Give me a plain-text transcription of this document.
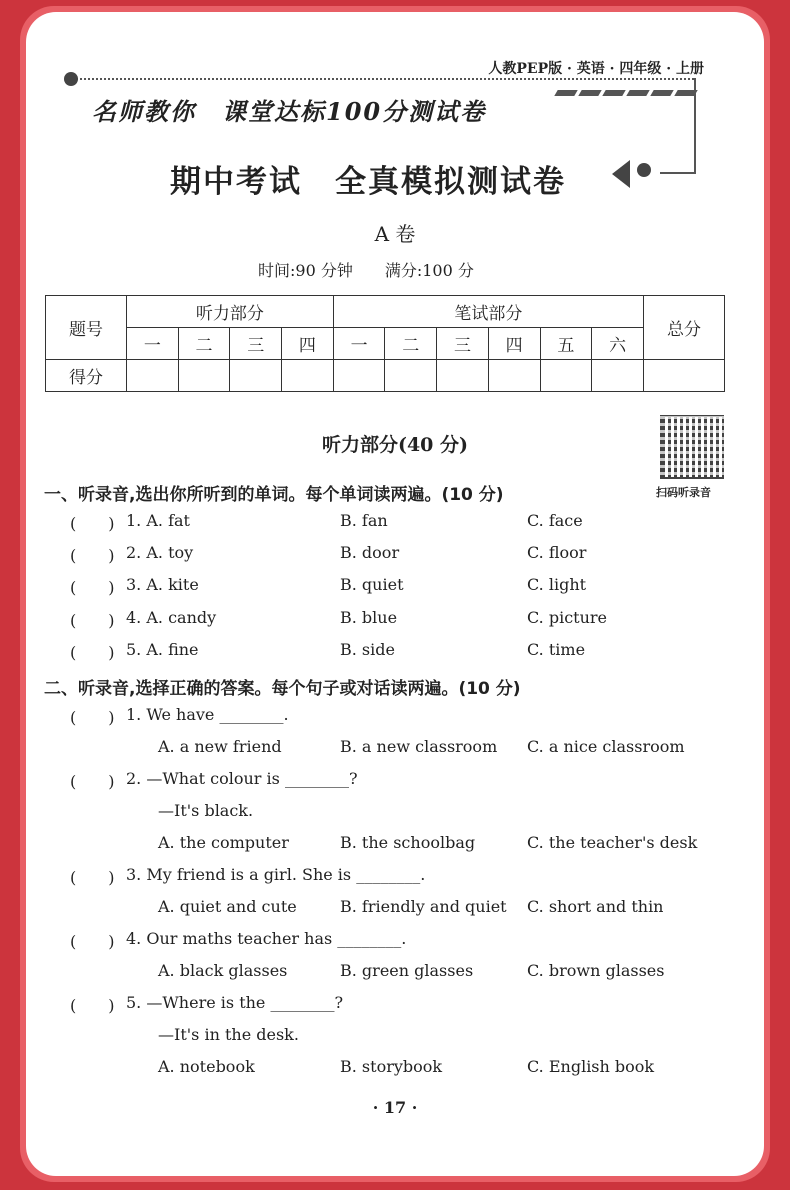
人教PEP版 · 英语 · 四年级 · 上册
名师教你　课堂达标100分测试卷
期中考试　全真模拟测试卷
A 卷
时间:90 分钟　　 满分:100 分
题号	听力部分				笔试部分						总分
	一	二	三	四	一	二	三	四	五	六	
得分											
听力部分(40 分)
扫码听录音
一、听录音,选出你所听到的单词。每个单词读两遍。(10 分)
(　　) 1. A. fat	B. fan	C. face
(　　) 2. A. toy	B. door	C. floor
(　　) 3. A. kite	B. quiet	C. light
(　　) 4. A. candy	B. blue	C. picture
(　　) 5. A. fine	B. side	C. time
二、听录音,选择正确的答案。每个句子或对话读两遍。(10 分)
(　　) 1. We have ________.
A. a new friend	B. a new classroom C. a nice classroom
(　　) 2. —What colour is ________?
—It's black.
A. the computer	B. the schoolbag	C. the teacher's desk
(　　) 3. My friend is a girl. She is ________.
A. quiet and cute	B. friendly and quiet C. short and thin
(　　) 4. Our maths teacher has ________.
A. black glasses	B. green glasses	C. brown glasses
(　　) 5. —Where is the ________?
—It's in the desk.
A. notebook	B. storybook	C. English book
· 17 ·
